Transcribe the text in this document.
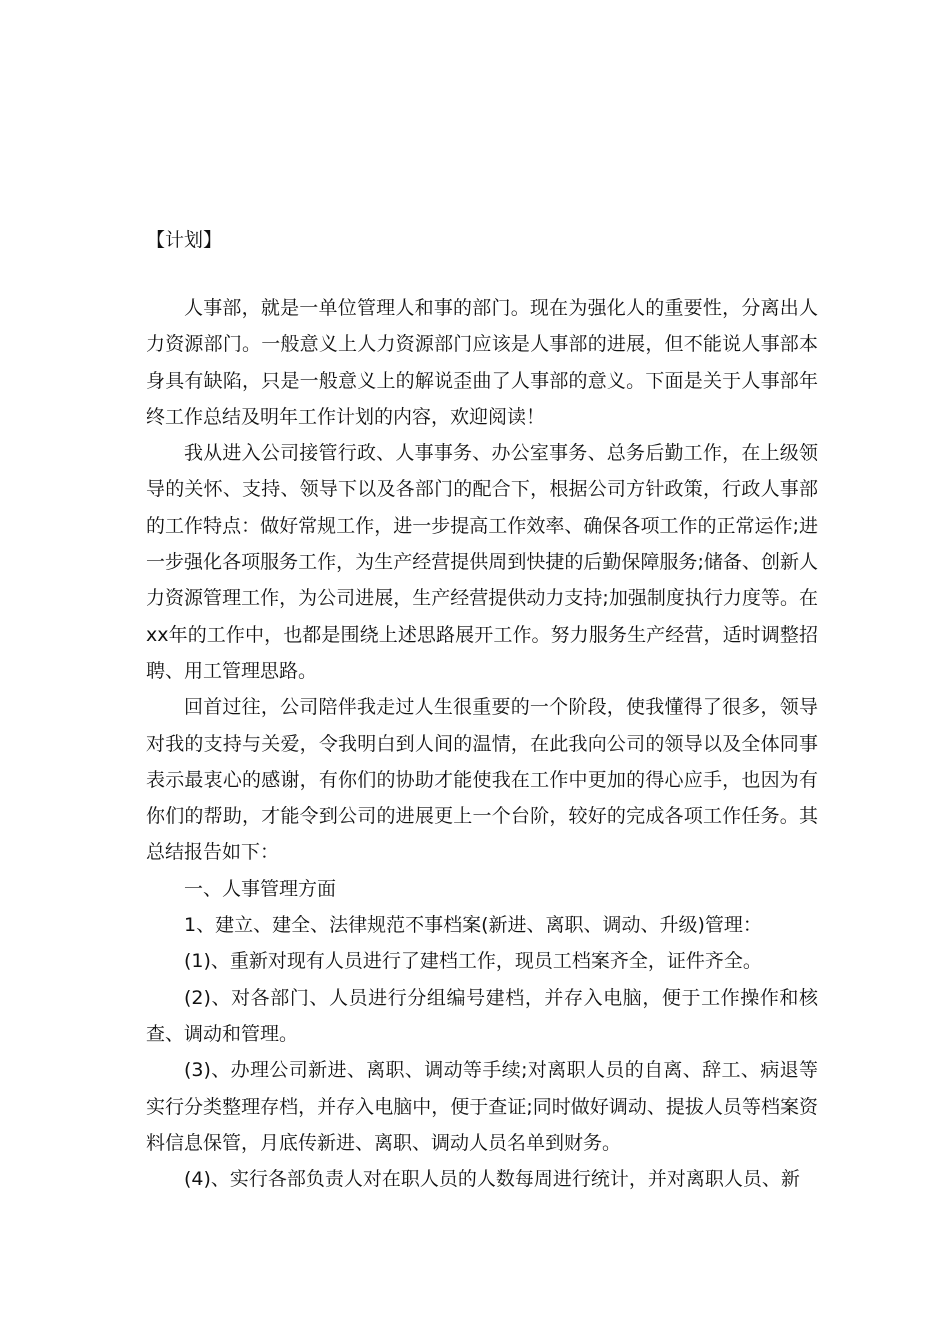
【计划】

人事部，就是一单位管理人和事的部门。现在为强化人的重要性，分离出人力资源部门。一般意义上人力资源部门应该是人事部的进展，但不能说人事部本身具有缺陷，只是一般意义上的解说歪曲了人事部的意义。下面是关于人事部年终工作总结及明年工作计划的内容，欢迎阅读！

我从进入公司接管行政、人事事务、办公室事务、总务后勤工作，在上级领导的关怀、支持、领导下以及各部门的配合下，根据公司方针政策，行政人事部的工作特点：做好常规工作，进一步提高工作效率、确保各项工作的正常运作;进一步强化各项服务工作，为生产经营提供周到快捷的后勤保障服务;储备、创新人力资源管理工作，为公司进展，生产经营提供动力支持;加强制度执行力度等。在xx年的工作中，也都是围绕上述思路展开工作。努力服务生产经营，适时调整招聘、用工管理思路。

回首过往，公司陪伴我走过人生很重要的一个阶段，使我懂得了很多，领导对我的支持与关爱，令我明白到人间的温情，在此我向公司的领导以及全体同事表示最衷心的感谢，有你们的协助才能使我在工作中更加的得心应手，也因为有你们的帮助，才能令到公司的进展更上一个台阶，较好的完成各项工作任务。其总结报告如下：

一、人事管理方面

1、建立、建全、法律规范不事档案(新进、离职、调动、升级)管理：

(1)、重新对现有人员进行了建档工作，现员工档案齐全，证件齐全。

(2)、对各部门、人员进行分组编号建档，并存入电脑，便于工作操作和核查、调动和管理。

(3)、办理公司新进、离职、调动等手续;对离职人员的自离、辞工、病退等实行分类整理存档，并存入电脑中，便于查证;同时做好调动、提拔人员等档案资料信息保管，月底传新进、离职、调动人员名单到财务。

(4)、实行各部负责人对在职人员的人数每周进行统计，并对离职人员、新
